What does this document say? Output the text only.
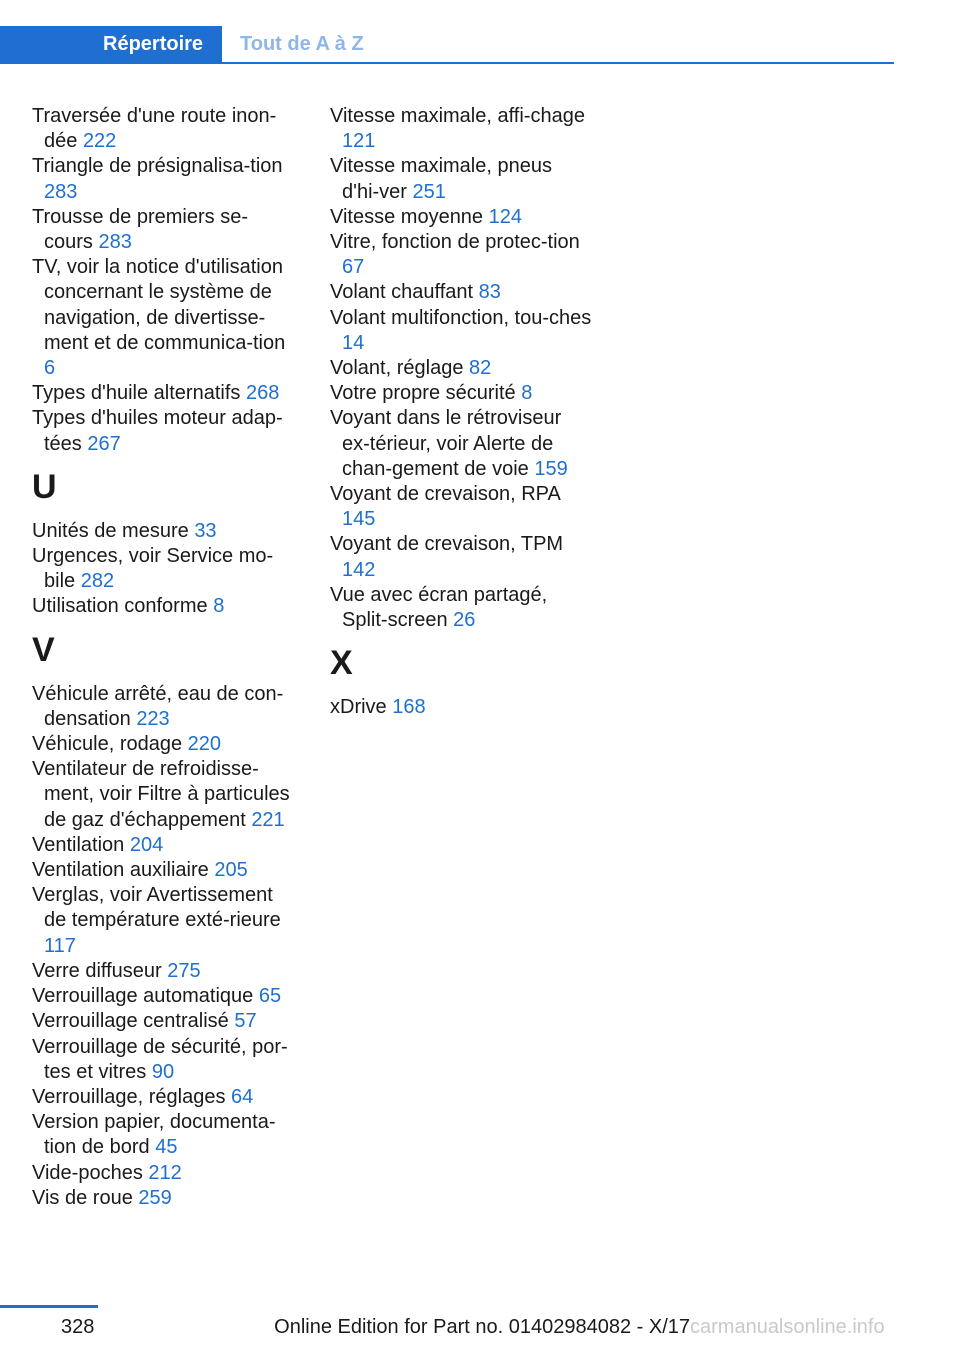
Répertoire	Tout de A à Z
Traversée d'une route inon‐dée 222
Triangle de présignalisa‐tion 283
Trousse de premiers se‐cours 283
TV, voir la notice d'utilisation concernant le système de navigation, de divertisse‐ment et de communica‐tion 6
Types d'huile alternatifs 268
Types d'huiles moteur adap‐tées 267
U
Unités de mesure 33
Urgences, voir Service mo‐bile 282
Utilisation conforme 8
V
Véhicule arrêté, eau de con‐densation 223
Véhicule, rodage 220
Ventilateur de refroidisse‐ment, voir Filtre à particules de gaz d'échappement 221
Ventilation 204
Ventilation auxiliaire 205
Verglas, voir Avertissement de température exté‐rieure 117
Verre diffuseur 275
Verrouillage automatique 65
Verrouillage centralisé 57
Verrouillage de sécurité, por‐tes et vitres 90
Verrouillage, réglages 64
Version papier, documenta‐tion de bord 45
Vide-poches 212
Vis de roue 259
Vitesse maximale, affi‐chage 121
Vitesse maximale, pneus d'hi‐ver 251
Vitesse moyenne 124
Vitre, fonction de protec‐tion 67
Volant chauffant 83
Volant multifonction, tou‐ches 14
Volant, réglage 82
Votre propre sécurité 8
Voyant dans le rétroviseur ex‐térieur, voir Alerte de chan‐gement de voie 159
Voyant de crevaison, RPA 145
Voyant de crevaison, TPM 142
Vue avec écran partagé, Split-screen 26
X
xDrive 168
328	Online Edition for Part no. 01402984082 - X/17 carmanualsonline.info
